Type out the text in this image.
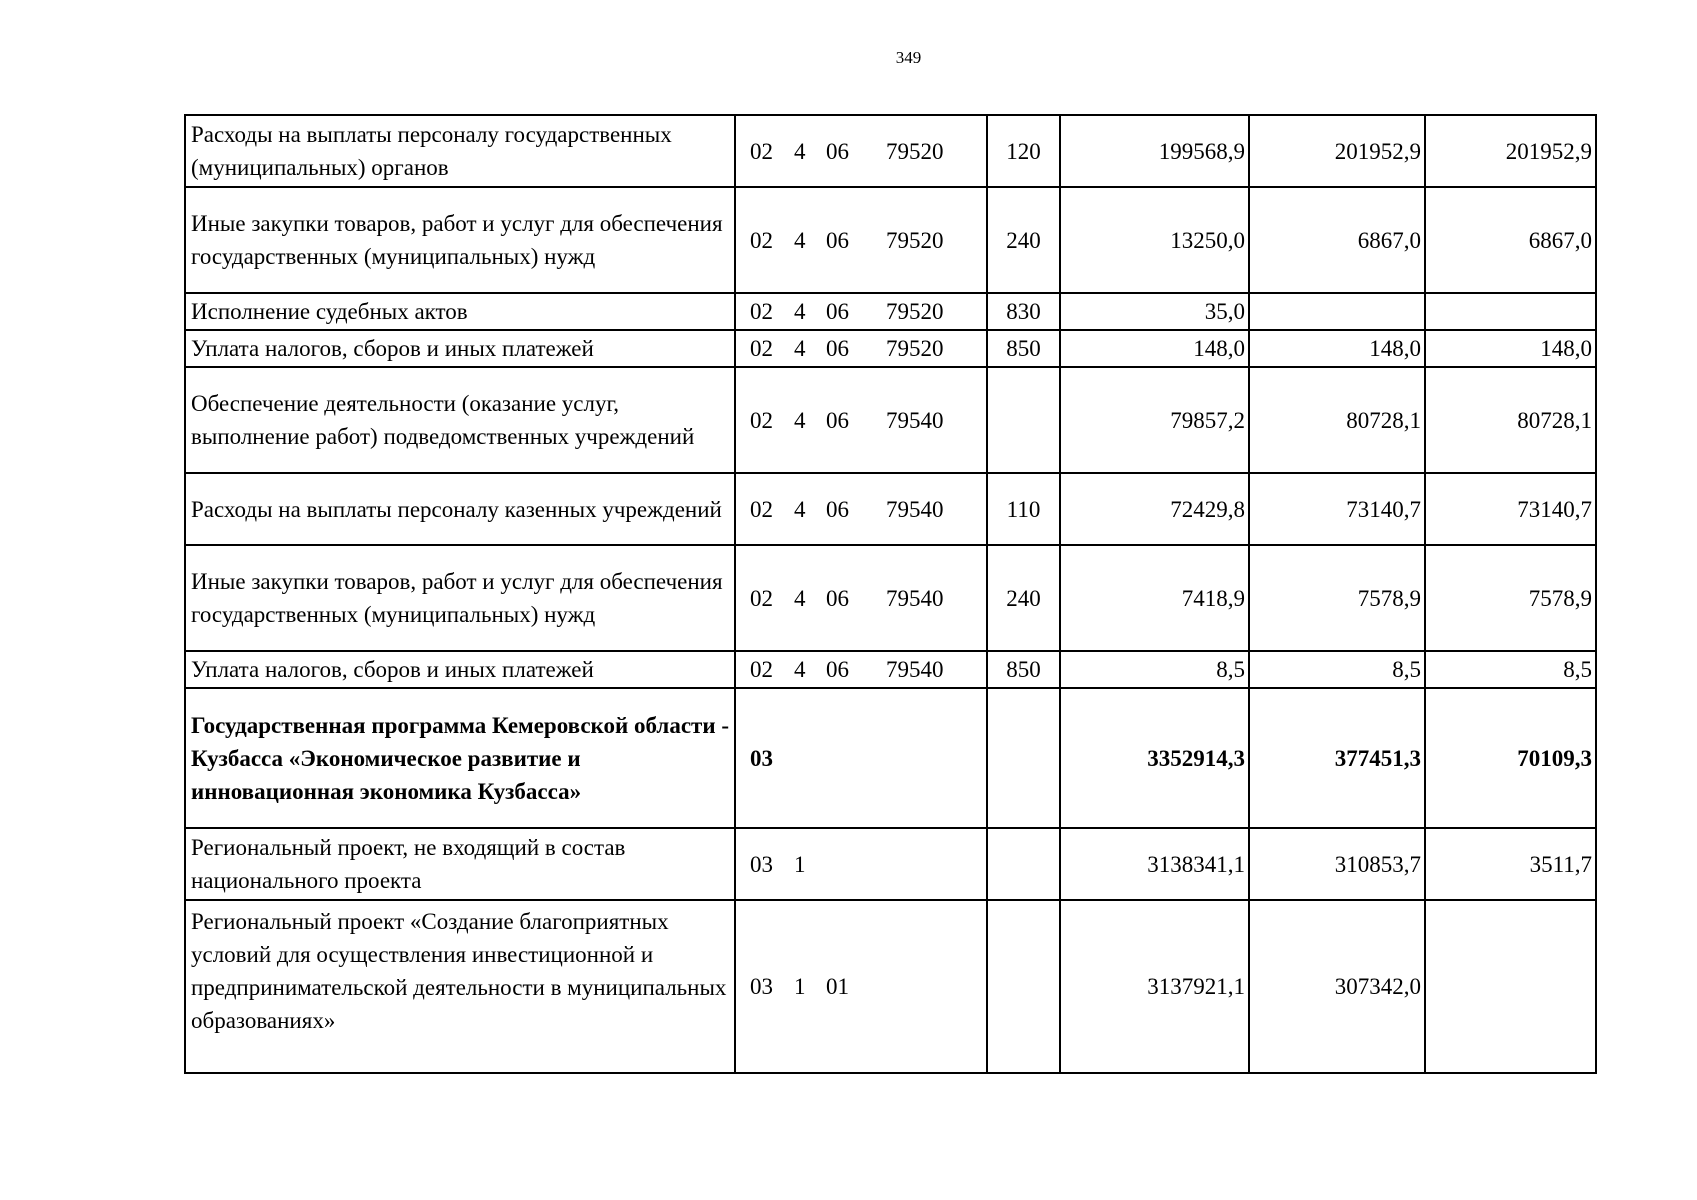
349
Расходы на выплаты персоналу государственных (муниципальных) органов	02 4 06 79520	120	199568,9	201952,9	201952,9
Иные закупки товаров, работ и услуг для обеспечения государственных (муниципальных) нужд	02 4 06 79520	240	13250,0	6867,0	6867,0
Исполнение судебных актов	02 4 06 79520	830	35,0		
Уплата налогов, сборов и иных платежей	02 4 06 79520	850	148,0	148,0	148,0
Обеспечение деятельности (оказание услуг, выполнение работ) подведомственных учреждений	02 4 06 79540		79857,2	80728,1	80728,1
Расходы на выплаты персоналу казенных учреждений	02 4 06 79540	110	72429,8	73140,7	73140,7
Иные закупки товаров, работ и услуг для обеспечения государственных (муниципальных) нужд	02 4 06 79540	240	7418,9	7578,9	7578,9
Уплата налогов, сборов и иных платежей	02 4 06 79540	850	8,5	8,5	8,5
Государственная программа Кемеровской области - Кузбасса «Экономическое развитие и инновационная экономика Кузбасса»	03		3352914,3	377451,3	70109,3
Региональный проект, не входящий в состав национального проекта	03 1		3138341,1	310853,7	3511,7
Региональный проект «Создание благоприятных условий для осуществления инвестиционной и предпринимательской деятельности в муниципальных образованиях»	03 1 01		3137921,1	307342,0	
